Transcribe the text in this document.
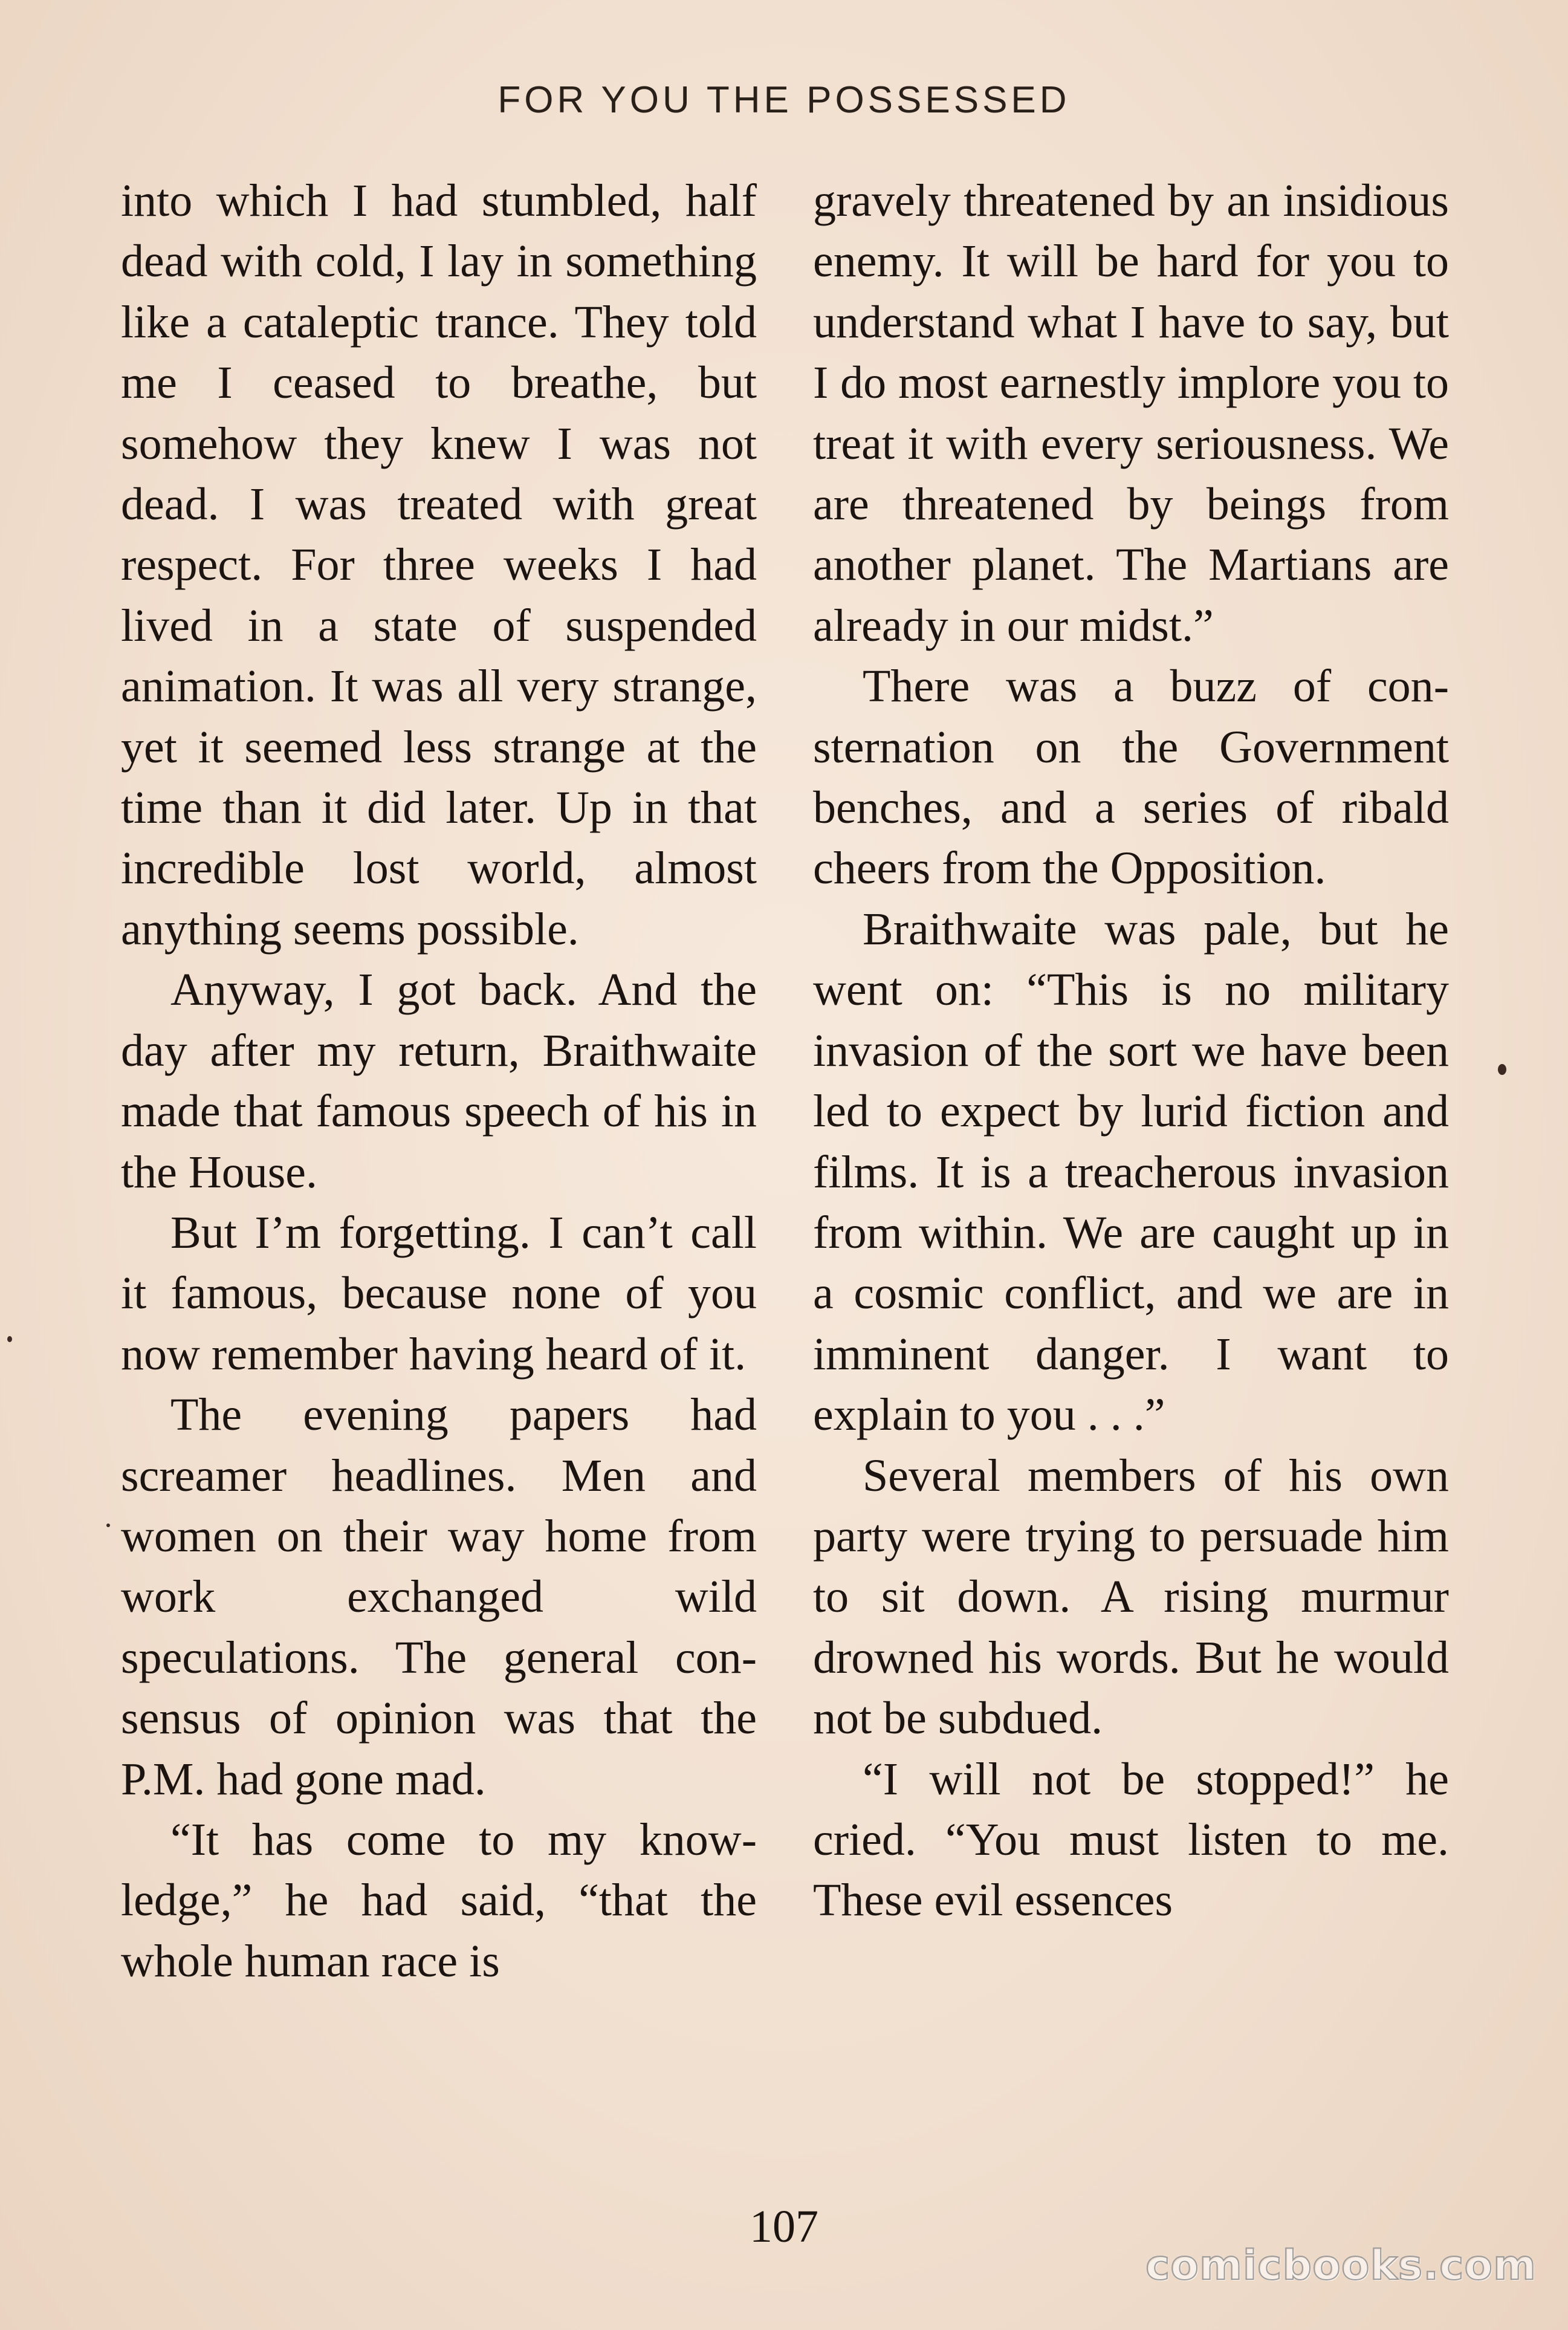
FOR YOU THE POSSESSED

into which I had stumbled, half dead with cold, I lay in something like a cataleptic trance. They told me I ceased to breathe, but somehow they knew I was not dead. I was treated with great respect. For three weeks I had lived in a state of suspended animation. It was all very strange, yet it seemed less strange at the time than it did later. Up in that incredible lost world, almost anything seems possible.

Anyway, I got back. And the day after my return, Braithwaite made that famous speech of his in the House.

But I’m forgetting. I can’t call it famous, because none of you now remember having heard of it.

The evening papers had screamer headlines. Men and women on their way home from work exchanged wild speculations. The general consensus of opinion was that the P.M. had gone mad.

“It has come to my knowledge,” he had said, “that the whole human race is

gravely threatened by an insidious enemy. It will be hard for you to understand what I have to say, but I do most earnestly implore you to treat it with every seriousness. We are threatened by beings from another planet. The Martians are already in our midst.”

There was a buzz of consternation on the Government benches, and a series of ribald cheers from the Opposition.

Braithwaite was pale, but he went on: “This is no military invasion of the sort we have been led to expect by lurid fiction and films. It is a treacherous invasion from within. We are caught up in a cosmic conflict, and we are in imminent danger. I want to explain to you . . .”

Several members of his own party were trying to persuade him to sit down. A rising murmur drowned his words. But he would not be subdued.

“I will not be stopped!” he cried. “You must listen to me. These evil essences

107
comicbooks.com
